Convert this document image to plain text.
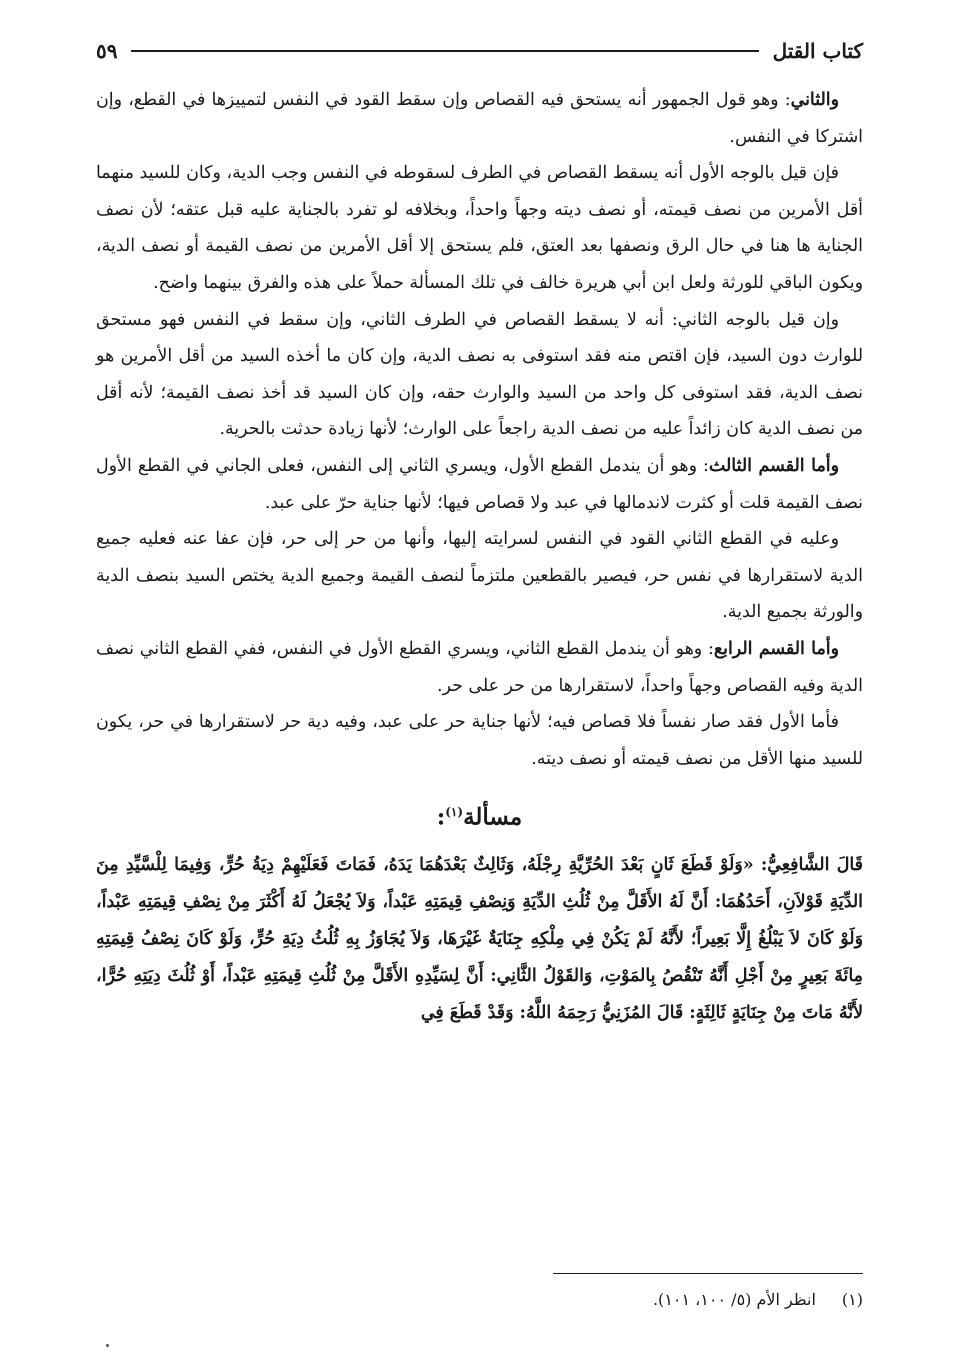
كتاب القتل
٥٩

والثاني: وهو قول الجمهور أنه يستحق فيه القصاص وإن سقط القود في النفس لتمييزها في القطع، وإن اشتركا في النفس.

فإن قيل بالوجه الأول أنه يسقط القصاص في الطرف لسقوطه في النفس وجب الدية، وكان للسيد منهما أقل الأمرين من نصف قيمته، أو نصف ديته وجهاً واحداً، وبخلافه لو تفرد بالجناية عليه قبل عتقه؛ لأن نصف الجناية ها هنا في حال الرق ونصفها بعد العتق، فلم يستحق إلا أقل الأمرين من نصف القيمة أو نصف الدية، ويكون الباقي للورثة ولعل ابن أبي هريرة خالف في تلك المسألة حملاً على هذه والفرق بينهما واضح.

وإن قيل بالوجه الثاني: أنه لا يسقط القصاص في الطرف الثاني، وإن سقط في النفس فهو مستحق للوارث دون السيد، فإن اقتص منه فقد استوفى به نصف الدية، وإن كان ما أخذه السيد من أقل الأمرين هو نصف الدية، فقد استوفى كل واحد من السيد والوارث حقه، وإن كان السيد قد أخذ نصف القيمة؛ لأنه أقل من نصف الدية كان زائداً عليه من نصف الدية راجعاً على الوارث؛ لأنها زيادة حدثت بالحرية.

وأما القسم الثالث: وهو أن يندمل القطع الأول، ويسري الثاني إلى النفس، فعلى الجاني في القطع الأول نصف القيمة قلت أو كثرت لاندمالها في عبد ولا قصاص فيها؛ لأنها جناية حرّ على عبد.

وعليه في القطع الثاني القود في النفس لسرايته إليها، وأنها من حر إلى حر، فإن عفا عنه فعليه جميع الدية لاستقرارها في نفس حر، فيصير بالقطعين ملتزماً لنصف القيمة وجميع الدية يختص السيد بنصف الدية والورثة بجميع الدية.

وأما القسم الرابع: وهو أن يندمل القطع الثاني، ويسري القطع الأول في النفس، ففي القطع الثاني نصف الدية وفيه القصاص وجهاً واحداً، لاستقرارها من حر على حر.

فأما الأول فقد صار نفساً فلا قصاص فيه؛ لأنها جناية حر على عبد، وفيه دية حر لاستقرارها في حر، يكون للسيد منها الأقل من نصف قيمته أو نصف ديته.

مسألة$^{(١)}$:

قَالَ الشَّافِعِيُّ: «وَلَوْ قَطَعَ ثَانٍ بَعْدَ الحُرِّيَّةِ رِجْلَهُ، وَثَالِثٌ بَعْدَهُمَا يَدَهُ، فَمَاتَ فَعَلَيْهِمْ دِيَةُ حُرٍّ، وَفِيمَا لِلْسَّيِّدِ مِنَ الدِّيَةِ قَوْلاَنِ، أَحَدُهُمَا: أَنَّ لَهُ الأَقَلَّ مِنْ ثُلُثِ الدِّيَةِ وَنِصْفِ قِيمَتِهِ عَبْداً، وَلاَ يُجْعَلُ لَهُ أَكْثَرَ مِنْ نِصْفِ قِيمَتِهِ عَبْداً، وَلَوْ كَانَ لاَ يَبْلُغُ إِلَّا بَعِيراً؛ لأَنَّهُ لَمْ يَكُنْ فِي مِلْكِهِ جِنَايَةٌ غَيْرَهَا، وَلاَ يُجَاوَزُ بِهِ ثُلُثُ دِيَةِ حُرٍّ، وَلَوْ كَانَ نِصْفُ قِيمَتِهِ مِائَةَ بَعِيرٍ مِنْ أَجْلِ أَنَّهُ تَنْقُصُ بِالمَوْتِ، وَالقَوْلُ الثَّانِي: أَنَّ لِسَيِّدِهِ الأَقَلَّ مِنْ ثُلُثِ قِيمَتِهِ عَبْداً، أَوْ ثُلُثَ دِيَتِهِ حُرًّا، لأَنَّهُ مَاتَ مِنْ جِنَايَةٍ ثَالِثَةٍ: قَالَ المُزَنِيُّ رَحِمَهُ اللَّهُ: وَقَدْ قَطَعَ فِي

(١)
انظر الأم (٥/ ١٠٠، ١٠١).
